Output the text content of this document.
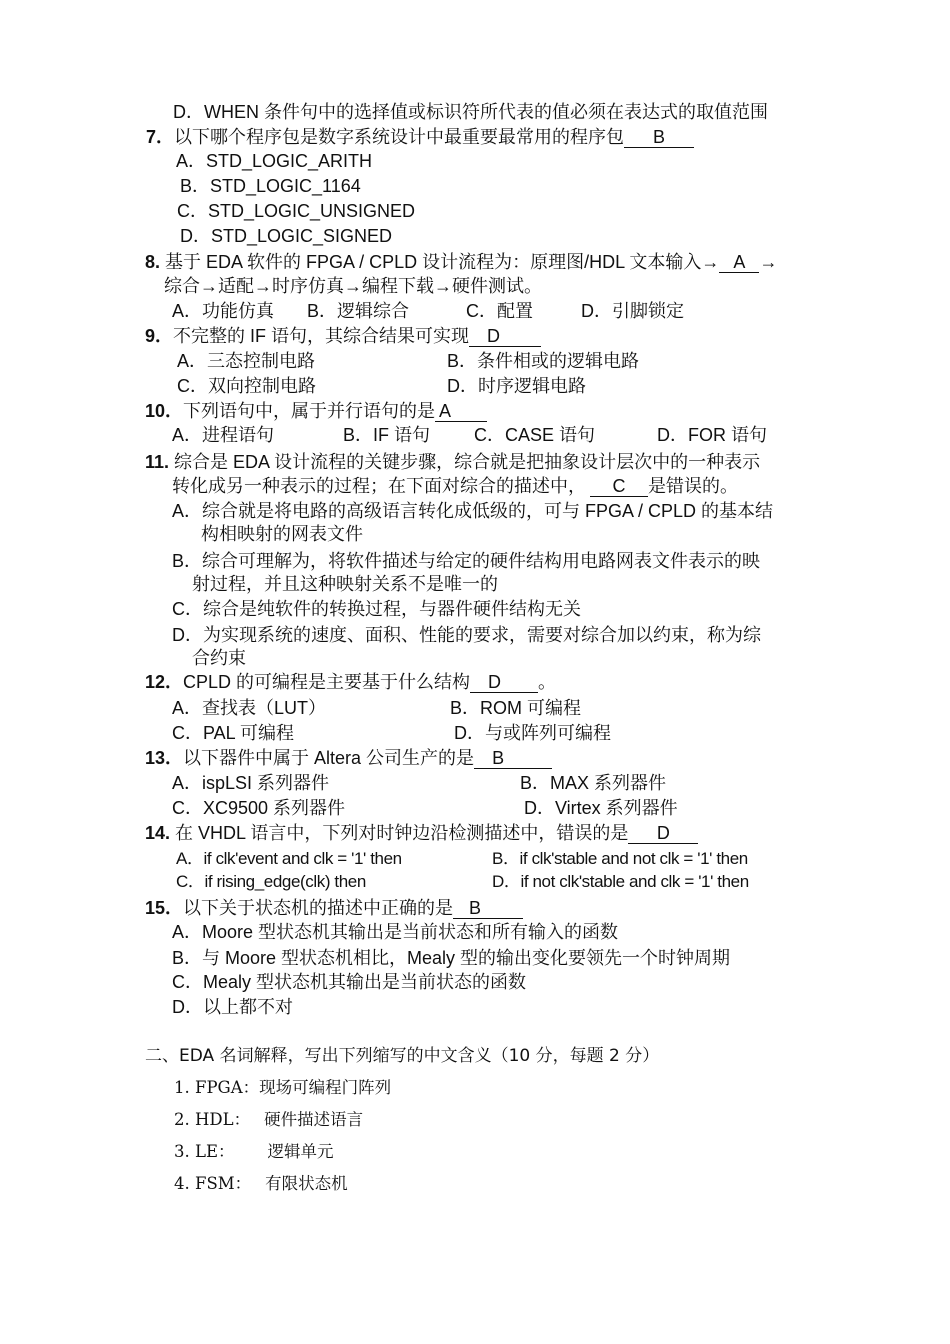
D．WHEN 条件句中的选择值或标识符所代表的值必须在表达式的取值范围
7．以下哪个程序包是数字系统设计中最重要最常用的程序包 B
A．STD_LOGIC_ARITH
B．STD_LOGIC_1164
C．STD_LOGIC_UNSIGNED
D．STD_LOGIC_SIGNED
8. 基于 EDA 软件的 FPGA / CPLD 设计流程为：原理图/HDL 文本输入→ A →
综合→适配→时序仿真→编程下载→硬件测试。
A．功能仿真 B．逻辑综合	C．配置	D．引脚锁定
9．不完整的 IF 语句，其综合结果可实现 D
A．三态控制电路	B．条件相或的逻辑电路
C．双向控制电路	D．时序逻辑电路
10．下列语句中，属于并行语句的是 A
A．进程语句	B．IF 语句 C．CASE 语句	D．FOR 语句
11. 综合是 EDA 设计流程的关键步骤，综合就是把抽象设计层次中的一种表示
转化成另一种表示的过程；在下面对综合的描述中， C 是错误的。
A．综合就是将电路的高级语言转化成低级的，可与 FPGA / CPLD 的基本结
构相映射的网表文件
B．综合可理解为，将软件描述与给定的硬件结构用电路网表文件表示的映
射过程，并且这种映射关系不是唯一的
C．综合是纯软件的转换过程，与器件硬件结构无关
D．为实现系统的速度、面积、性能的要求，需要对综合加以约束，称为综
合约束
12．CPLD 的可编程是主要基于什么结构 D 。
A．查找表（LUT）	B．ROM 可编程
C．PAL 可编程	D．与或阵列可编程
13．以下器件中属于 Altera 公司生产的是 B
A．ispLSI 系列器件	B．MAX 系列器件
C．XC9500 系列器件	D．Virtex 系列器件
14. 在 VHDL 语言中，下列对时钟边沿检测描述中，错误的是 D
A．if clk'event and clk = '1' then	B．if clk'stable and not clk = '1' then
C．if rising_edge(clk) then	D．if not clk'stable and clk = '1' then
15．以下关于状态机的描述中正确的是 B
A．Moore 型状态机其输出是当前状态和所有输入的函数
B．与 Moore 型状态机相比，Mealy 型的输出变化要领先一个时钟周期
C．Mealy 型状态机其输出是当前状态的函数
D．以上都不对
二、EDA 名词解释，写出下列缩写的中文含义（10 分，每题 2 分）
1. FPGA：现场可编程门阵列
2. HDL： 硬件描述语言
3. LE： 逻辑单元
4. FSM： 有限状态机
